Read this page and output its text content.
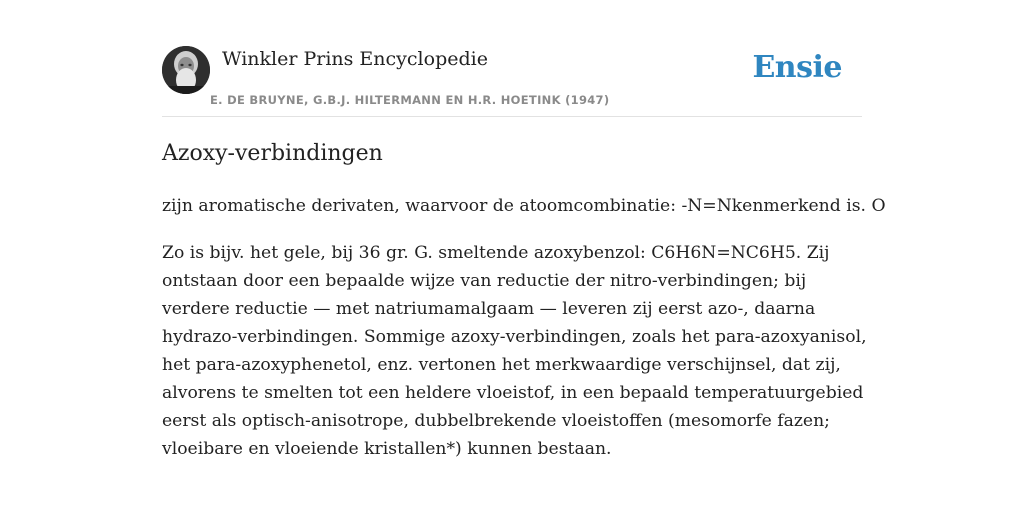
Winkler Prins Encyclopedie
E. DE BRUYNE, G.B.J. HILTERMANN EN H.R. HOETINK (1947)
Ensie
Azoxy-verbindingen

zijn aromatische derivaten, waarvoor de atoomcombinatie: -N=Nkenmerkend is. O

Zo is bijv. het gele, bij 36 gr. G. smeltende azoxybenzol: C6H6N=NC6H5. Zij ontstaan door een bepaalde wijze van reductie der nitro-verbindingen; bij verdere reductie — met natriumamalgaam — leveren zij eerst azo-, daarna hydrazo-verbindingen. Sommige azoxy-verbindingen, zoals het para-azoxyanisol, het para-azoxyphenetol, enz. vertonen het merkwaardige verschijnsel, dat zij, alvorens te smelten tot een heldere vloeistof, in een bepaald temperatuurgebied eerst als optisch-anisotrope, dubbelbrekende vloeistoffen (mesomorfe fazen; vloeibare en vloeiende kristallen*) kunnen bestaan.
